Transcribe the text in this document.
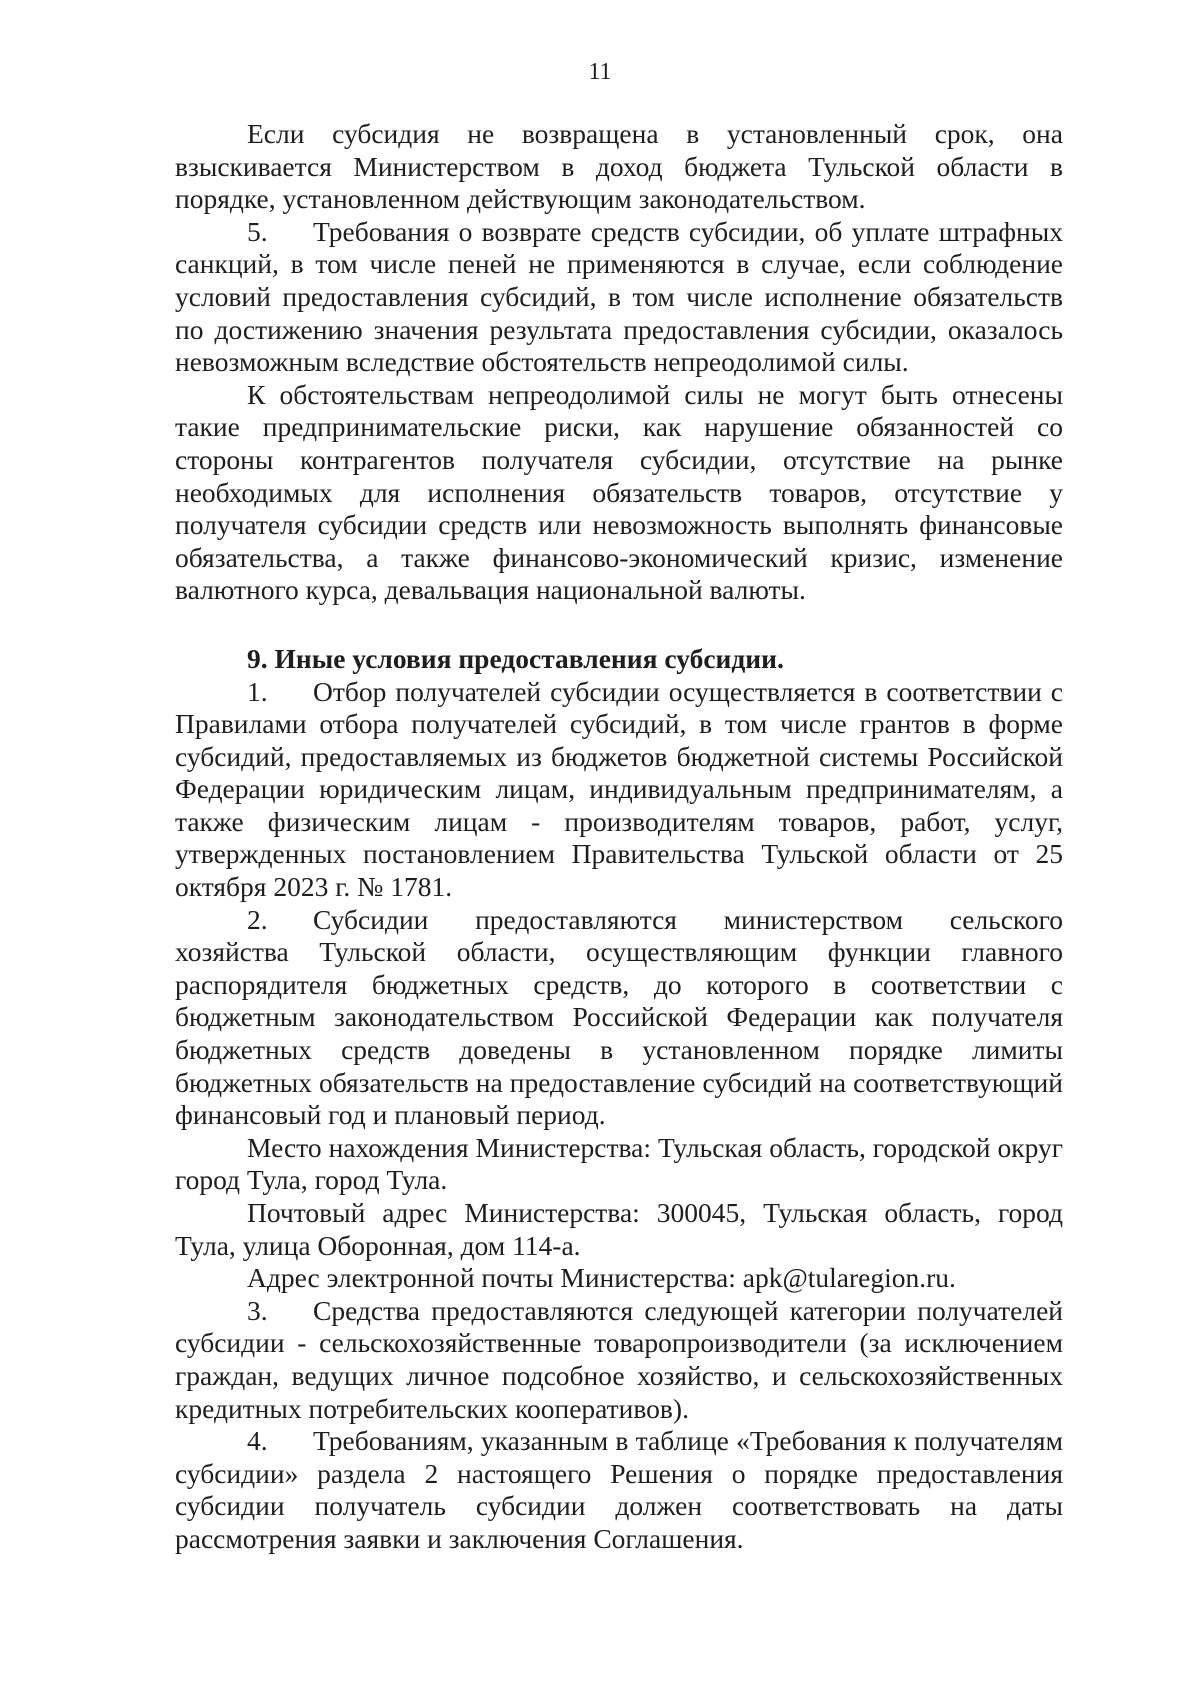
11

Если субсидия не возвращена в установленный срок, она взыскивается Министерством в доход бюджета Тульской области в порядке, установленном действующим законодательством.

5. Требования о возврате средств субсидии, об уплате штрафных санкций, в том числе пеней не применяются в случае, если соблюдение условий предоставления субсидий, в том числе исполнение обязательств по достижению значения результата предоставления субсидии, оказалось невозможным вследствие обстоятельств непреодолимой силы.

К обстоятельствам непреодолимой силы не могут быть отнесены такие предпринимательские риски, как нарушение обязанностей со стороны контрагентов получателя субсидии, отсутствие на рынке необходимых для исполнения обязательств товаров, отсутствие у получателя субсидии средств или невозможность выполнять финансовые обязательства, а также финансово-экономический кризис, изменение валютного курса, девальвация национальной валюты.

9. Иные условия предоставления субсидии.

1. Отбор получателей субсидии осуществляется в соответствии с Правилами отбора получателей субсидий, в том числе грантов в форме субсидий, предоставляемых из бюджетов бюджетной системы Российской Федерации юридическим лицам, индивидуальным предпринимателям, а также физическим лицам - производителям товаров, работ, услуг, утвержденных постановлением Правительства Тульской области от 25 октября 2023 г. № 1781.

2. Субсидии предоставляются министерством сельского хозяйства Тульской области, осуществляющим функции главного распорядителя бюджетных средств, до которого в соответствии с бюджетным законодательством Российской Федерации как получателя бюджетных средств доведены в установленном порядке лимиты бюджетных обязательств на предоставление субсидий на соответствующий финансовый год и плановый период.

Место нахождения Министерства: Тульская область, городской округ город Тула, город Тула.

Почтовый адрес Министерства: 300045, Тульская область, город Тула, улица Оборонная, дом 114-а.

Адрес электронной почты Министерства: apk@tularegion.ru.

3. Средства предоставляются следующей категории получателей субсидии - сельскохозяйственные товаропроизводители (за исключением граждан, ведущих личное подсобное хозяйство, и сельскохозяйственных кредитных потребительских кооперативов).

4. Требованиям, указанным в таблице «Требования к получателям субсидии» раздела 2 настоящего Решения о порядке предоставления субсидии получатель субсидии должен соответствовать на даты рассмотрения заявки и заключения Соглашения.
